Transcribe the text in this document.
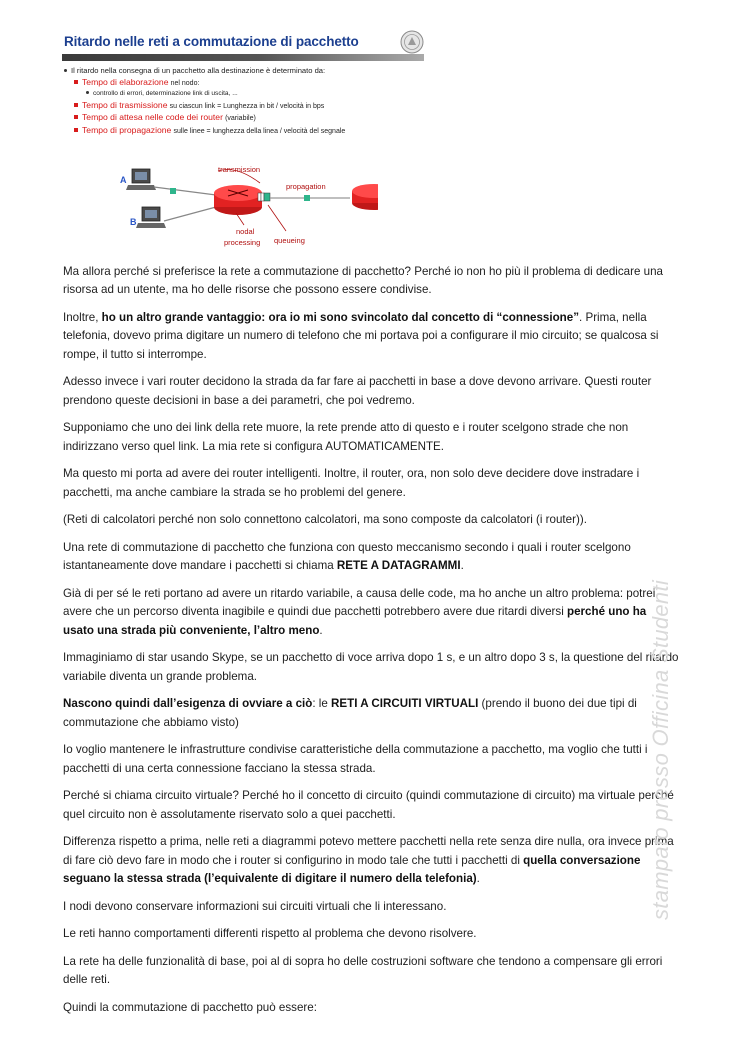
Ritardo nelle reti a commutazione di pacchetto
Il ritardo nella consegna di un pacchetto alla destinazione è determinato da:
Tempo di elaborazione nel nodo:
controllo di errori, determinazione link di uscita, ...
Tempo di trasmissione su ciascun link = Lunghezza in bit / velocità in bps
Tempo di attesa nelle code dei router (variabile)
Tempo di propagazione sulle linee = lunghezza della linea / velocità del segnale
A
B
transmission
propagation
nodal
processing queueing

Ma allora perché si preferisce la rete a commutazione di pacchetto? Perché io non ho più il problema di dedicare una risorsa ad un utente, ma ho delle risorse che possono essere condivise.

Inoltre, ho un altro grande vantaggio: ora io mi sono svincolato dal concetto di “connessione”. Prima, nella telefonia, dovevo prima digitare un numero di telefono che mi portava poi a configurare il mio circuito; se qualcosa si rompe, il tutto si interrompe.

Adesso invece i vari router decidono la strada da far fare ai pacchetti in base a dove devono arrivare. Questi router prendono queste decisioni in base a dei parametri, che poi vedremo.

Supponiamo che uno dei link della rete muore, la rete prende atto di questo e i router scelgono strade che non indirizzano verso quel link. La mia rete si configura AUTOMATICAMENTE.

Ma questo mi porta ad avere dei router intelligenti. Inoltre, il router, ora, non solo deve decidere dove instradare i pacchetti, ma anche cambiare la strada se ho problemi del genere.

(Reti di calcolatori perché non solo connettono calcolatori, ma sono composte da calcolatori (i router)).

Una rete di commutazione di pacchetto che funziona con questo meccanismo secondo i quali i router scelgono istantaneamente dove mandare i pacchetti si chiama RETE A DATAGRAMMI.

Già di per sé le reti portano ad avere un ritardo variabile, a causa delle code, ma ho anche un altro problema: potrei avere che un percorso diventa inagibile e quindi due pacchetti potrebbero avere due ritardi diversi perché uno ha usato una strada più conveniente, l’altro meno.

Immaginiamo di star usando Skype, se un pacchetto di voce arriva dopo 1 s, e un altro dopo 3 s, la questione del ritardo variabile diventa un grande problema.

Nascono quindi dall’esigenza di ovviare a ciò: le RETI A CIRCUITI VIRTUALI (prendo il buono dei due tipi di commutazione che abbiamo visto)

Io voglio mantenere le infrastrutture condivise caratteristiche della commutazione a pacchetto, ma voglio che tutti i pacchetti di una certa connessione facciano la stessa strada.

Perché si chiama circuito virtuale? Perché ho il concetto di circuito (quindi commutazione di circuito) ma virtuale perché quel circuito non è assolutamente riservato solo a quei pacchetti.

Differenza rispetto a prima, nelle reti a diagrammi potevo mettere pacchetti nella rete senza dire nulla, ora invece prima di fare ciò devo fare in modo che i router si configurino in modo tale che tutti i pacchetti di quella conversazione seguano la stessa strada (l’equivalente di digitare il numero della telefonia).

I nodi devono conservare informazioni sui circuiti virtuali che li interessano.

Le reti hanno comportamenti differenti rispetto al problema che devono risolvere.

La rete ha delle funzionalità di base, poi al di sopra ho delle costruzioni software che tendono a compensare gli errori delle reti.

Quindi la commutazione di pacchetto può essere:

stampato presso Officina Studenti
